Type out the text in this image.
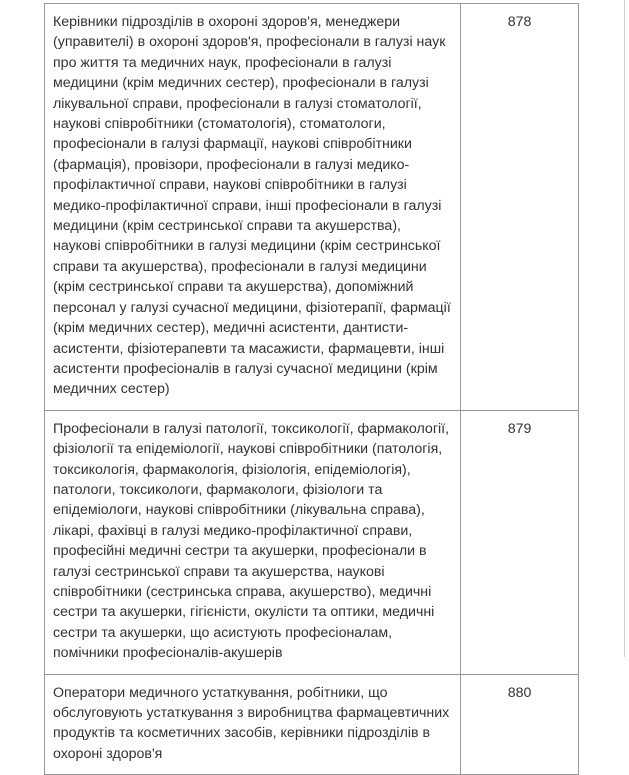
Керівники підрозділів в охороні здоров'я, менеджери (управителі) в охороні здоров'я, професіонали в галузі наук про життя та медичних наук, професіонали в галузі медицини (крім медичних сестер), професіонали в галузі лікувальної справи, професіонали в галузі стоматології, наукові співробітники (стоматологія), стоматологи, професіонали в галузі фармації, наукові співробітники (фармація), провізори, професіонали в галузі медико-профілактичної справи, наукові співробітники в галузі медико-профілактичної справи, інші професіонали в галузі медицини (крім сестринської справи та акушерства), наукові співробітники в галузі медицини (крім сестринської справи та акушерства), професіонали в галузі медицини (крім сестринської справи та акушерства), допоміжний персонал у галузі сучасної медицини, фізіотерапії, фармації (крім медичних сестер), медичні асистенти, дантисти-асистенти, фізіотерапевти та масажисти, фармацевти, інші асистенти професіоналів в галузі сучасної медицини (крім медичних сестер)	878
Професіонали в галузі патології, токсикології, фармакології, фізіології та епідеміології, наукові співробітники (патологія, токсикологія, фармакологія, фізіологія, епідеміологія), патологи, токсикологи, фармакологи, фізіологи та епідеміологи, наукові співробітники (лікувальна справа), лікарі, фахівці в галузі медико-профілактичної справи, професійні медичні сестри та акушерки, професіонали в галузі сестринської справи та акушерства, наукові співробітники (сестринська справа, акушерство), медичні сестри та акушерки, гігієністи, окулісти та оптики, медичні сестри та акушерки, що асистують професіоналам, помічники професіоналів-акушерів	879
Оператори медичного устаткування, робітники, що обслуговують устаткування з виробництва фармацевтичних продуктів та косметичних засобів, керівники підрозділів в охороні здоров'я	880
